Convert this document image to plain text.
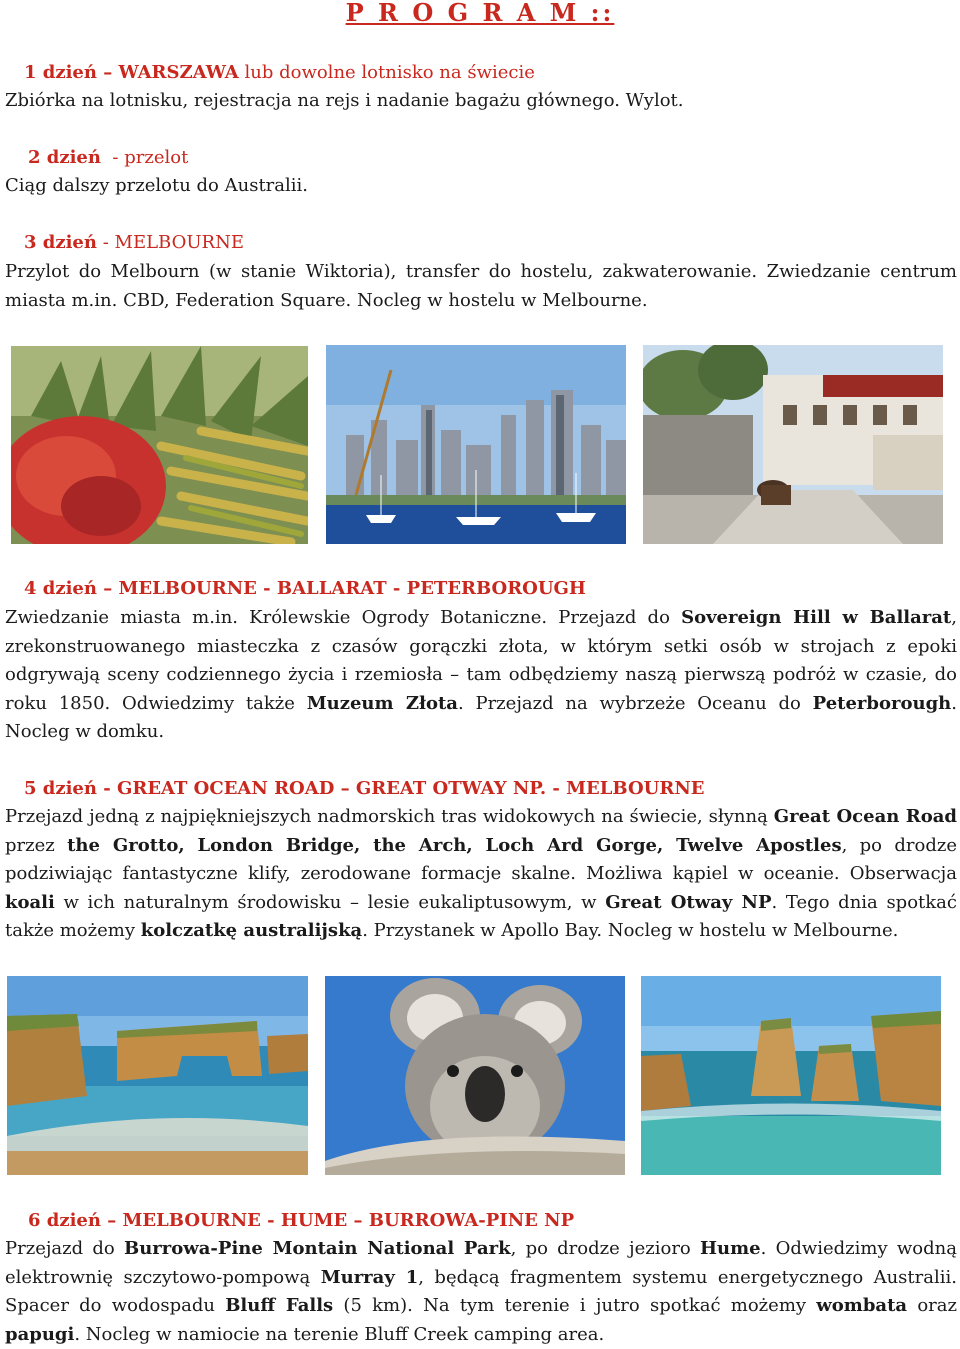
P R O G R A M ::
1 dzień – WARSZAWA lub dowolne lotnisko na świecie
Zbiórka na lotnisku, rejestracja na rejs i nadanie bagażu głównego. Wylot.
2 dzień  - przelot
Ciąg dalszy przelotu do Australii.
3 dzień - MELBOURNE
Przylot do Melbourn (w stanie Wiktoria), transfer do hostelu, zakwaterowanie. Zwiedzanie centrum miasta m.in. CBD, Federation Square. Nocleg w hostelu w Melbourne.
4 dzień – MELBOURNE - BALLARAT - PETERBOROUGH
Zwiedzanie miasta m.in. Królewskie Ogrody Botaniczne. Przejazd do Sovereign Hill w Ballarat, zrekonstruowanego miasteczka z czasów gorączki złota, w którym setki osób w strojach z epoki odgrywają sceny codziennego życia i rzemiosła – tam odbędziemy naszą pierwszą podróż w czasie, do roku 1850. Odwiedzimy także Muzeum Złota. Przejazd na wybrzeże Oceanu do Peterborough. Nocleg w domku.
5 dzień - GREAT OCEAN ROAD – GREAT OTWAY NP. - MELBOURNE
Przejazd jedną z najpiękniejszych nadmorskich tras widokowych na świecie, słynną Great Ocean Road przez the Grotto, London Bridge, the Arch, Loch Ard Gorge, Twelve Apostles, po drodze podziwiając fantastyczne klify, zerodowane formacje skalne. Możliwa kąpiel w oceanie. Obserwacja koali w ich naturalnym środowisku – lesie eukaliptusowym, w Great Otway NP. Tego dnia spotkać także możemy kolczatkę australijską. Przystanek w Apollo Bay. Nocleg w hostelu w Melbourne.
6 dzień – MELBOURNE - HUME – BURROWA-PINE NP
Przejazd do Burrowa-Pine Montain National Park, po drodze jezioro Hume. Odwiedzimy wodną elektrownię szczytowo-pompową Murray 1, będącą fragmentem systemu energetycznego Australii. Spacer do wodospadu Bluff Falls (5 km). Na tym terenie i jutro spotkać możemy wombata oraz papugi. Nocleg w namiocie na terenie Bluff Creek camping area.
